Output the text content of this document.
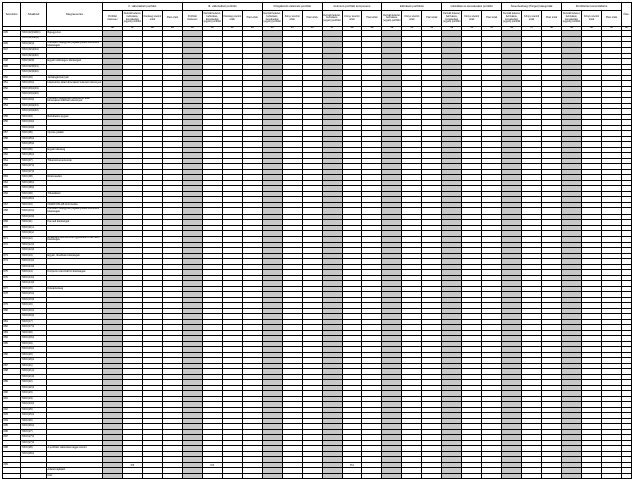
Sorszám	Szakkód	Megnevezés	II. változatbeli portfólió				III. változatbeli portfólió				Vizsgálandó változatú portfólió			Felmenő portfólió komponens			Előírások portfóliók			Likviditási és kereskedési portfólió			Átvevhetőségi (Target) kategóriák			Portfólió/és konszolidáció			Öss.
			Portfólió összesen	Derivált fedezet, behívásos, kereskedési (egyéb) portfólió	Kitettség szerinti érték	Piaci érték	Portfólió összesen	Derivált fedezet, behívásos, kereskedési (egyéb) portfólió	Kitettség szerinti érték	Piaci érték	Derivált fedezet, behívásos, kereskedési (egyéb) portfólió	Könyv szerinti érték	Piaci érték	Derivált fedezet, behívásos, (egyéb) portfólió	Könyv szerinti érték	Piaci érték	Derivált fedezet, behívásos, (egyéb) portfólió	Könyv szerinti érték	Piaci érték	Derivált fedezet, behívásos, kereskedési (egyéb) portfólió	Könyv szerinti érték	Piaci érték	Derivált fedezet, behívásos, kereskedési (egyéb) portfólió	Könyv szerinti érték	Piaci érték	Derivált fedezet, behívásos, kereskedési (egyéb) portfólió	Könyv szerinti érték	Piaci érték	
			36	37	38	39	40	41	42	43	44	45	46	47	48	49	50	51	52	53	54	55	56	57	58	59	60	61	62
045	73CK(02)N40(1)	Bejegyezve																											
	73CK(02)N8(0)																												
046	73CK(02)4	Külföldön bejegyzett jogalanyokkal szembeni kitettségek																											
047	73CK(02)4(01)																												
	73CK(02)4(40)																												
048	73CK(02)6	Egyéb különleges kitettségek																											
049	73CK(02)6(01)																												
	73CK(02)6(40)																												
050	73CK(03)	Jelzálogkötvények																											
051	73CK(03)1	Hitelintézet által kibocsátott fedezett kötvények																											
052	73CK(03)1(01)																												
	73CK(03)1(40)																												
053	73CK(03)2	Külföldön bejegyzett hitelintézet által kibocsátott fedezett kötvények																											
054	73CK(03)2(01)																												
	73CK(03)2(40)																												
055	73CK(04)	Befektetési jegyek																											
056	73CK(04)1																												
	73CK(04)2																												
057	73CK(05)	Opciós jutalék																											
058	73CK(05)1																												
	73CK(05)2																												
059	73CK(06)	Egyéb kitettség																											
060	73CK(06)1																												
061	73CK(07)	Tőkeinstrumentumok																											
062	73CK(07)1																												
	73CK(07)2																												
063	73CK(08)	Részesedés																											
064	73CK(08)1																												
065	73CK(08)2																												
066	73CK(09)	Tőkeáttétel																											
	73CK(09)1																												
067	73CK(10)	OGRIFOKLAB forintosítás																											
068	73CK(10)1	Külföldön bejegyzett jogalanyokkal szembeni kitettségek																											
	73CK(10)2																												
069	73CK(11)	Kiemelt kitettségek																											
070	73CK(11)1																												
	73CK(11)2																												
071	73CK(12)	Értékpapír-kölcsönzési ügyletekből származó kitettségek																											
072	73CK(12)1																												
	73CK(12)2																												
073	73CK(13)	Egyéb, likviditási kitettségek																											
074	73CK(13)1																												
	73CK(13)2																												
075	73CK(14)	Központi szerződő fél kitettségek																											
076	73CK(14)1																												
	73CK(14)2																												
077	73CK(15)	Kötelezettség																											
078	73CK(15)1																												
	73CK(15)2																												
079	73CK(16)																												
080	73CK(16)1																												
	73CK(16)2																												
081	73CK(17)																												
082	73CK(17)1																												
083	73CK(18)																												
084	73CK(18)1																												
085	73CK(19)																												
	73CK(19)1																												
086	73CK(20)																												
	73CK(20)1																												
087	73CK(21)																												
088	73CK(21)1																												
	73CK(21)2																												
089	73CK(22)																												
	73CK(22)1																												
090	73CK(23)																												
091	73CK(24)																												
	73CK(24)1																												
092	73CK(25)																												
093	73CK(25)1																												
094	73CK(26)																												
095	73CK(26)1																												
096	73CK(27)																												
097	73CK(27)1																												
	73CK(27)2																												
098	73CK(28)	A portfólió változását tagjai szerint																											
	73CK(28)1																												

099				P4				P4							P4														
		Adatszolgáltató																											
		Kelt:																											
